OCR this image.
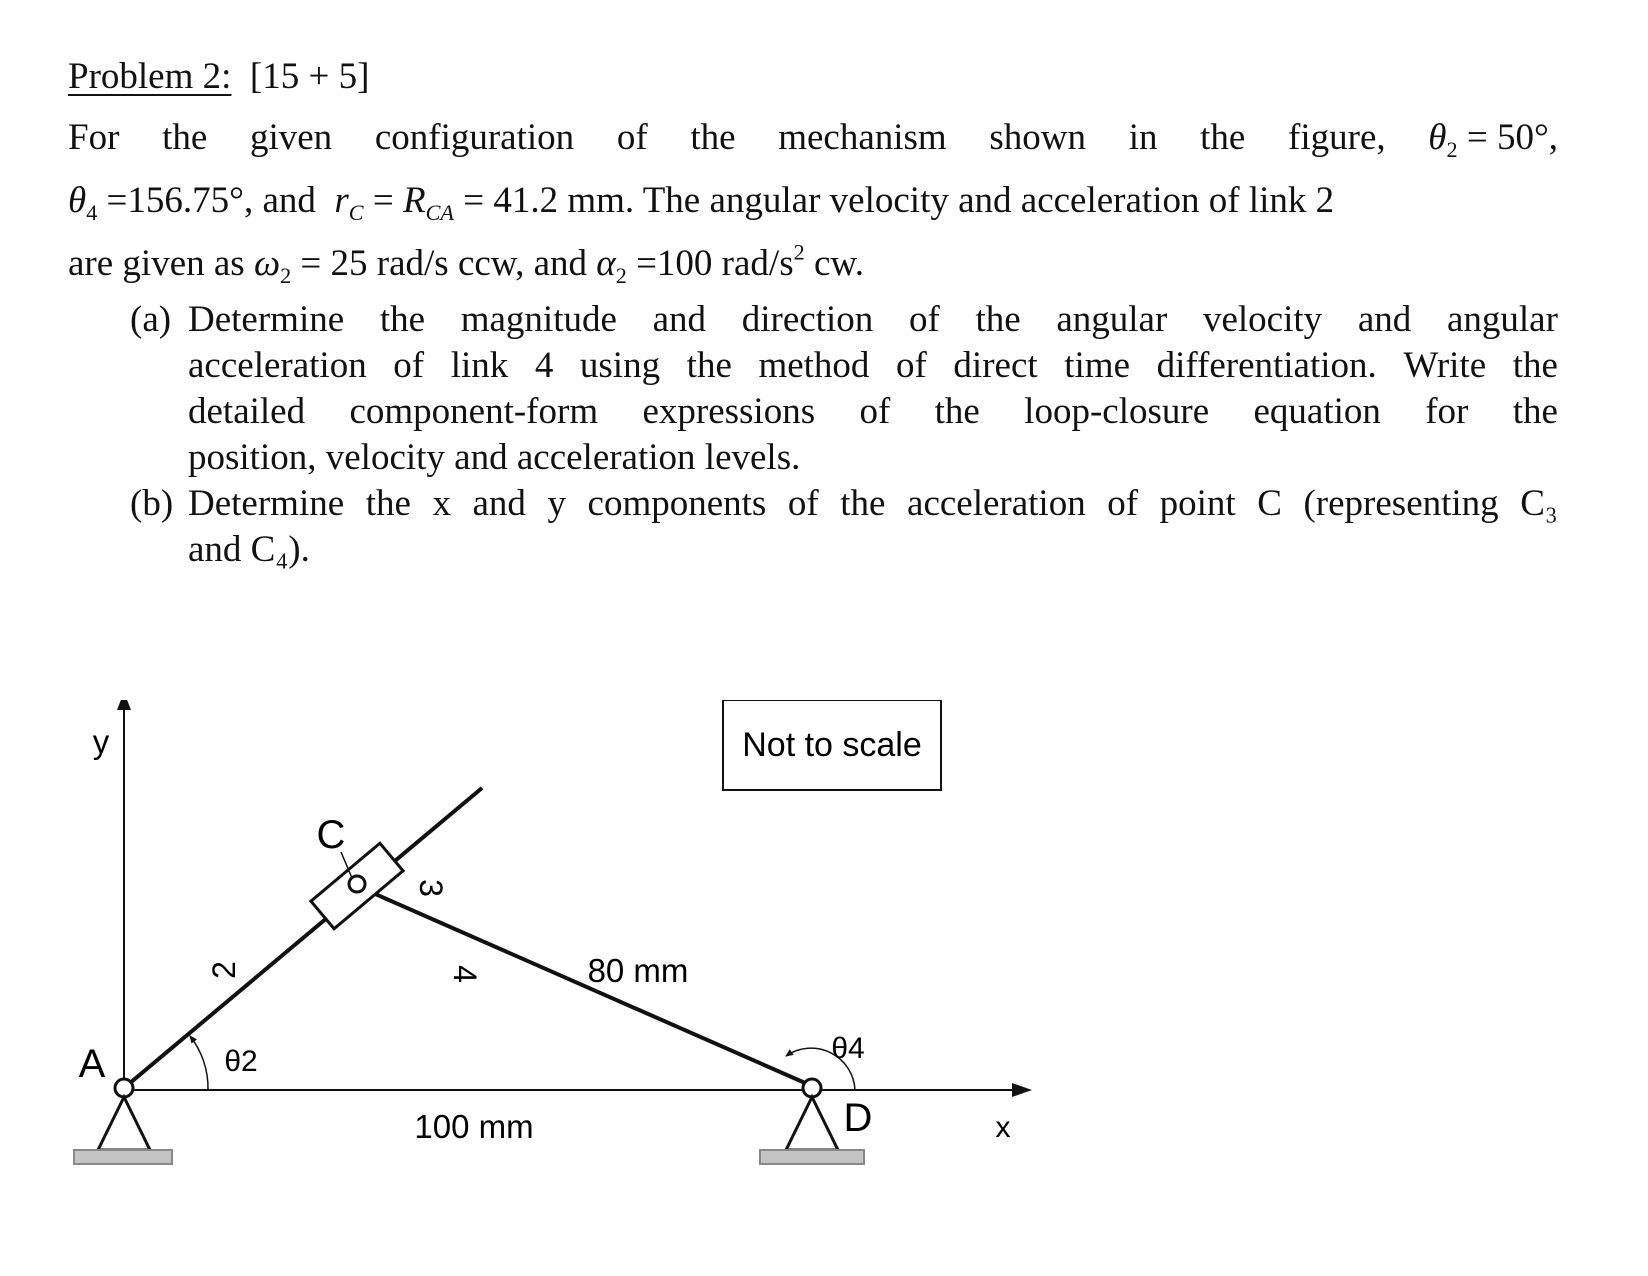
Problem 2: [15 + 5]
For the given configuration of the mechanism shown in the figure, $\theta_2 = 50^\circ$,
$\theta_4 =156.75^\circ$, and $r_C = R_{CA} = 41.2$ mm. The angular velocity and acceleration of link 2
are given as $\omega_2 = 25$ rad/s ccw, and $\alpha_2 =100$ rad/$s^2$ cw.
(a) Determine the magnitude and direction of the angular velocity and angular
acceleration of link 4 using the method of direct time differentiation. Write the
detailed component-form expressions of the loop-closure equation for the
position, velocity and acceleration levels.
(b) Determine the x and y components of the acceleration of point C (representing C₃
and C₄).
y
x
A
C
D
2
3
4
θ2	θ4
100 mm
80 mm
Not to scale
